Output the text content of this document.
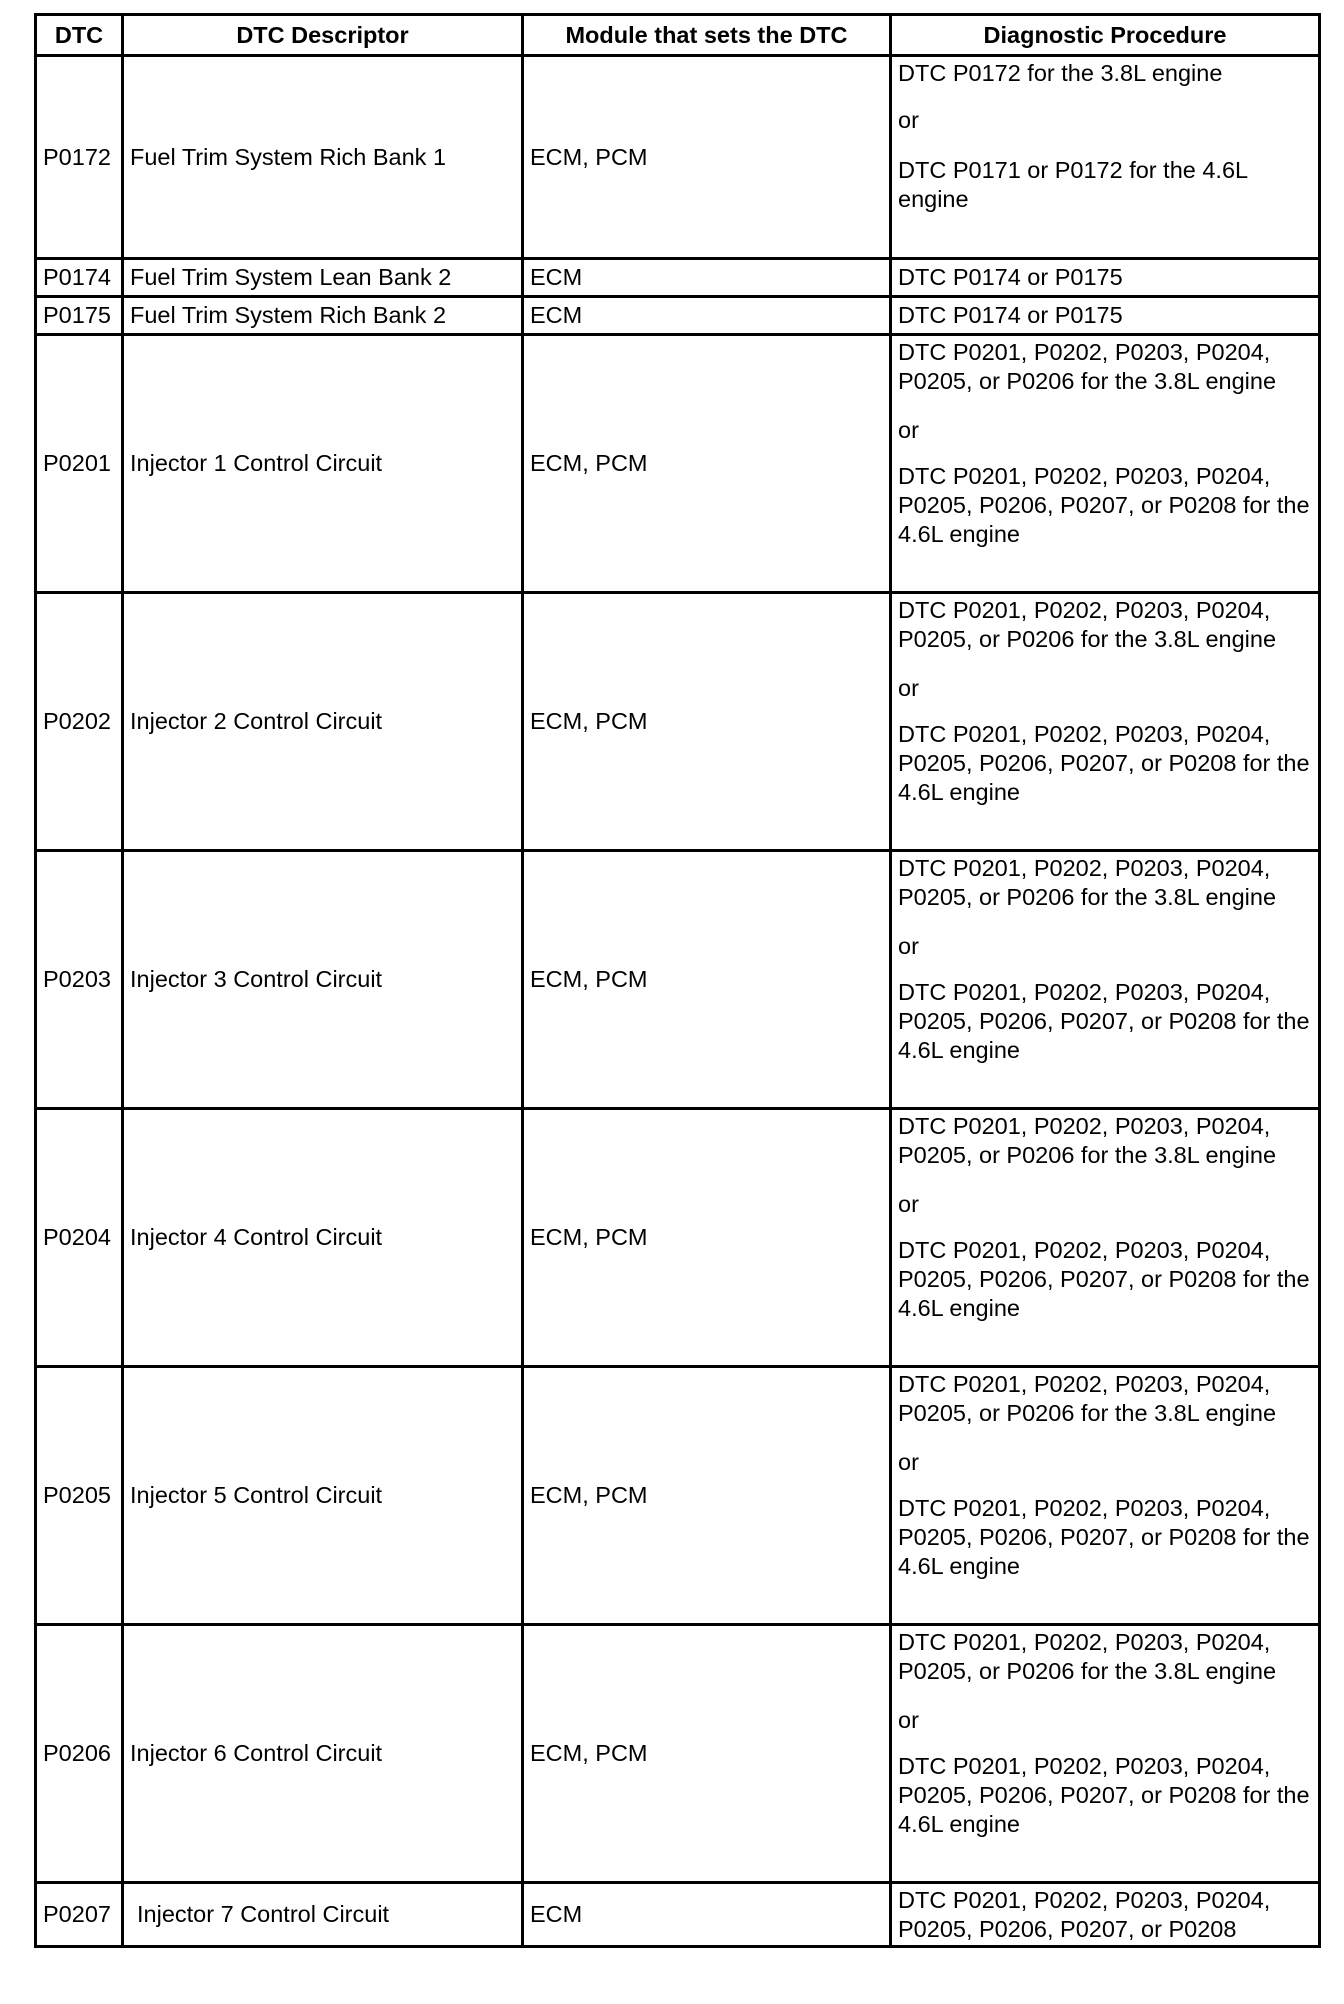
DTC	DTC Descriptor	Module that sets the DTC	Diagnostic Procedure
P0172	Fuel Trim System Rich Bank 1	ECM, PCM	DTC P0172 for the 3.8L engine
or
DTC P0171 or P0172 for the 4.6L engine

P0174	Fuel Trim System Lean Bank 2	ECM	DTC P0174 or P0175

P0175	Fuel Trim System Rich Bank 2	ECM	DTC P0174 or P0175

P0201	Injector 1 Control Circuit	ECM, PCM	DTC P0201, P0202, P0203, P0204, P0205, or P0206 for the 3.8L engine
or
DTC P0201, P0202, P0203, P0204, P0205, P0206, P0207, or P0208 for the 4.6L engine

P0202	Injector 2 Control Circuit	ECM, PCM	DTC P0201, P0202, P0203, P0204, P0205, or P0206 for the 3.8L engine
or
DTC P0201, P0202, P0203, P0204, P0205, P0206, P0207, or P0208 for the 4.6L engine

P0203	Injector 3 Control Circuit	ECM, PCM	DTC P0201, P0202, P0203, P0204, P0205, or P0206 for the 3.8L engine
or
DTC P0201, P0202, P0203, P0204, P0205, P0206, P0207, or P0208 for the 4.6L engine

P0204	Injector 4 Control Circuit	ECM, PCM	DTC P0201, P0202, P0203, P0204, P0205, or P0206 for the 3.8L engine
or
DTC P0201, P0202, P0203, P0204, P0205, P0206, P0207, or P0208 for the 4.6L engine

P0205	Injector 5 Control Circuit	ECM, PCM	DTC P0201, P0202, P0203, P0204, P0205, or P0206 for the 3.8L engine
or
DTC P0201, P0202, P0203, P0204, P0205, P0206, P0207, or P0208 for the 4.6L engine

P0206	Injector 6 Control Circuit	ECM, PCM	DTC P0201, P0202, P0203, P0204, P0205, or P0206 for the 3.8L engine
or
DTC P0201, P0202, P0203, P0204, P0205, P0206, P0207, or P0208 for the 4.6L engine

P0207	Injector 7 Control Circuit	ECM	DTC P0201, P0202, P0203, P0204, P0205, P0206, P0207, or P0208
